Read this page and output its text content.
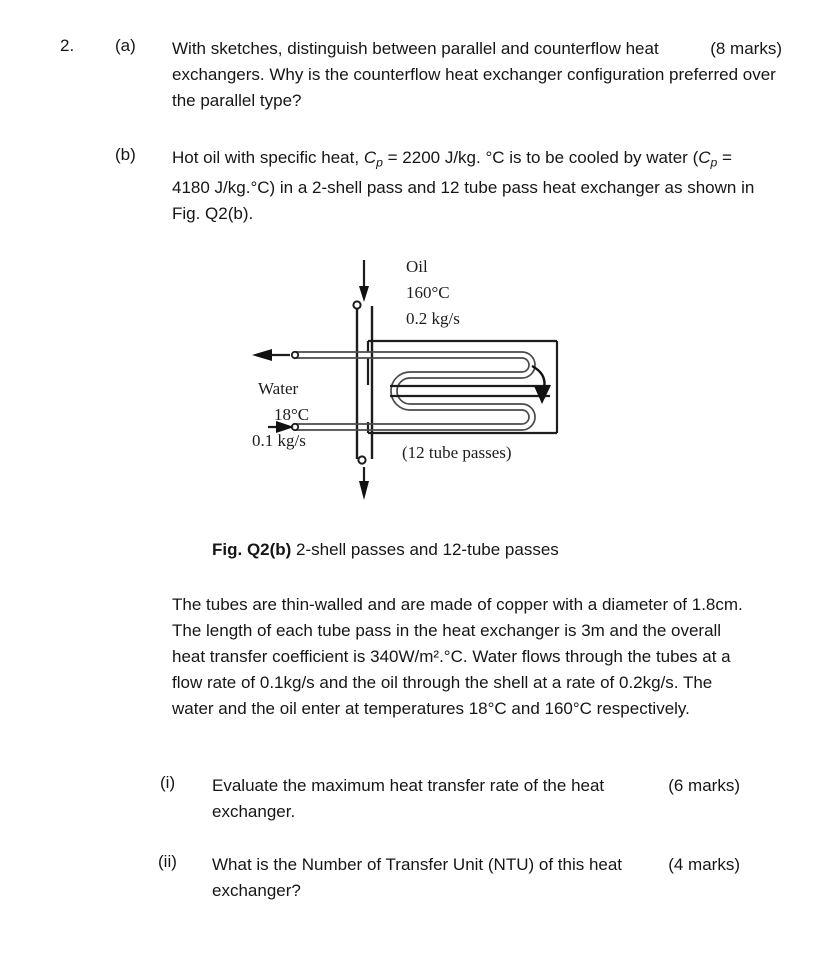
2. (a)	(8 marks)
With sketches, distinguish between parallel and counterflow heat exchangers. Why is the counterflow heat exchanger configuration preferred over the parallel type?
(b) Hot oil with specific heat, $C_p = 2200$ J/kg. °C is to be cooled by water ($C_p = 4180$ J/kg.°C) in a 2-shell pass and 12 tube pass heat exchanger as shown in Fig. Q2(b).
Oil
160°C
0.2 kg/s
Water
18°C
0.1 kg/s
(12 tube passes)
Fig. Q2(b) 2-shell passes and 12-tube passes
The tubes are thin-walled and are made of copper with a diameter of 1.8cm. The length of each tube pass in the heat exchanger is 3m and the overall heat transfer coefficient is 340W/m².°C. Water flows through the tubes at a flow rate of 0.1kg/s and the oil through the shell at a rate of 0.2kg/s. The water and the oil enter at temperatures 18°C and 160°C respectively.
(i)	(6 marks)
Evaluate the maximum heat transfer rate of the heat exchanger.
(ii)	(4 marks)
What is the Number of Transfer Unit (NTU) of this heat exchanger?
